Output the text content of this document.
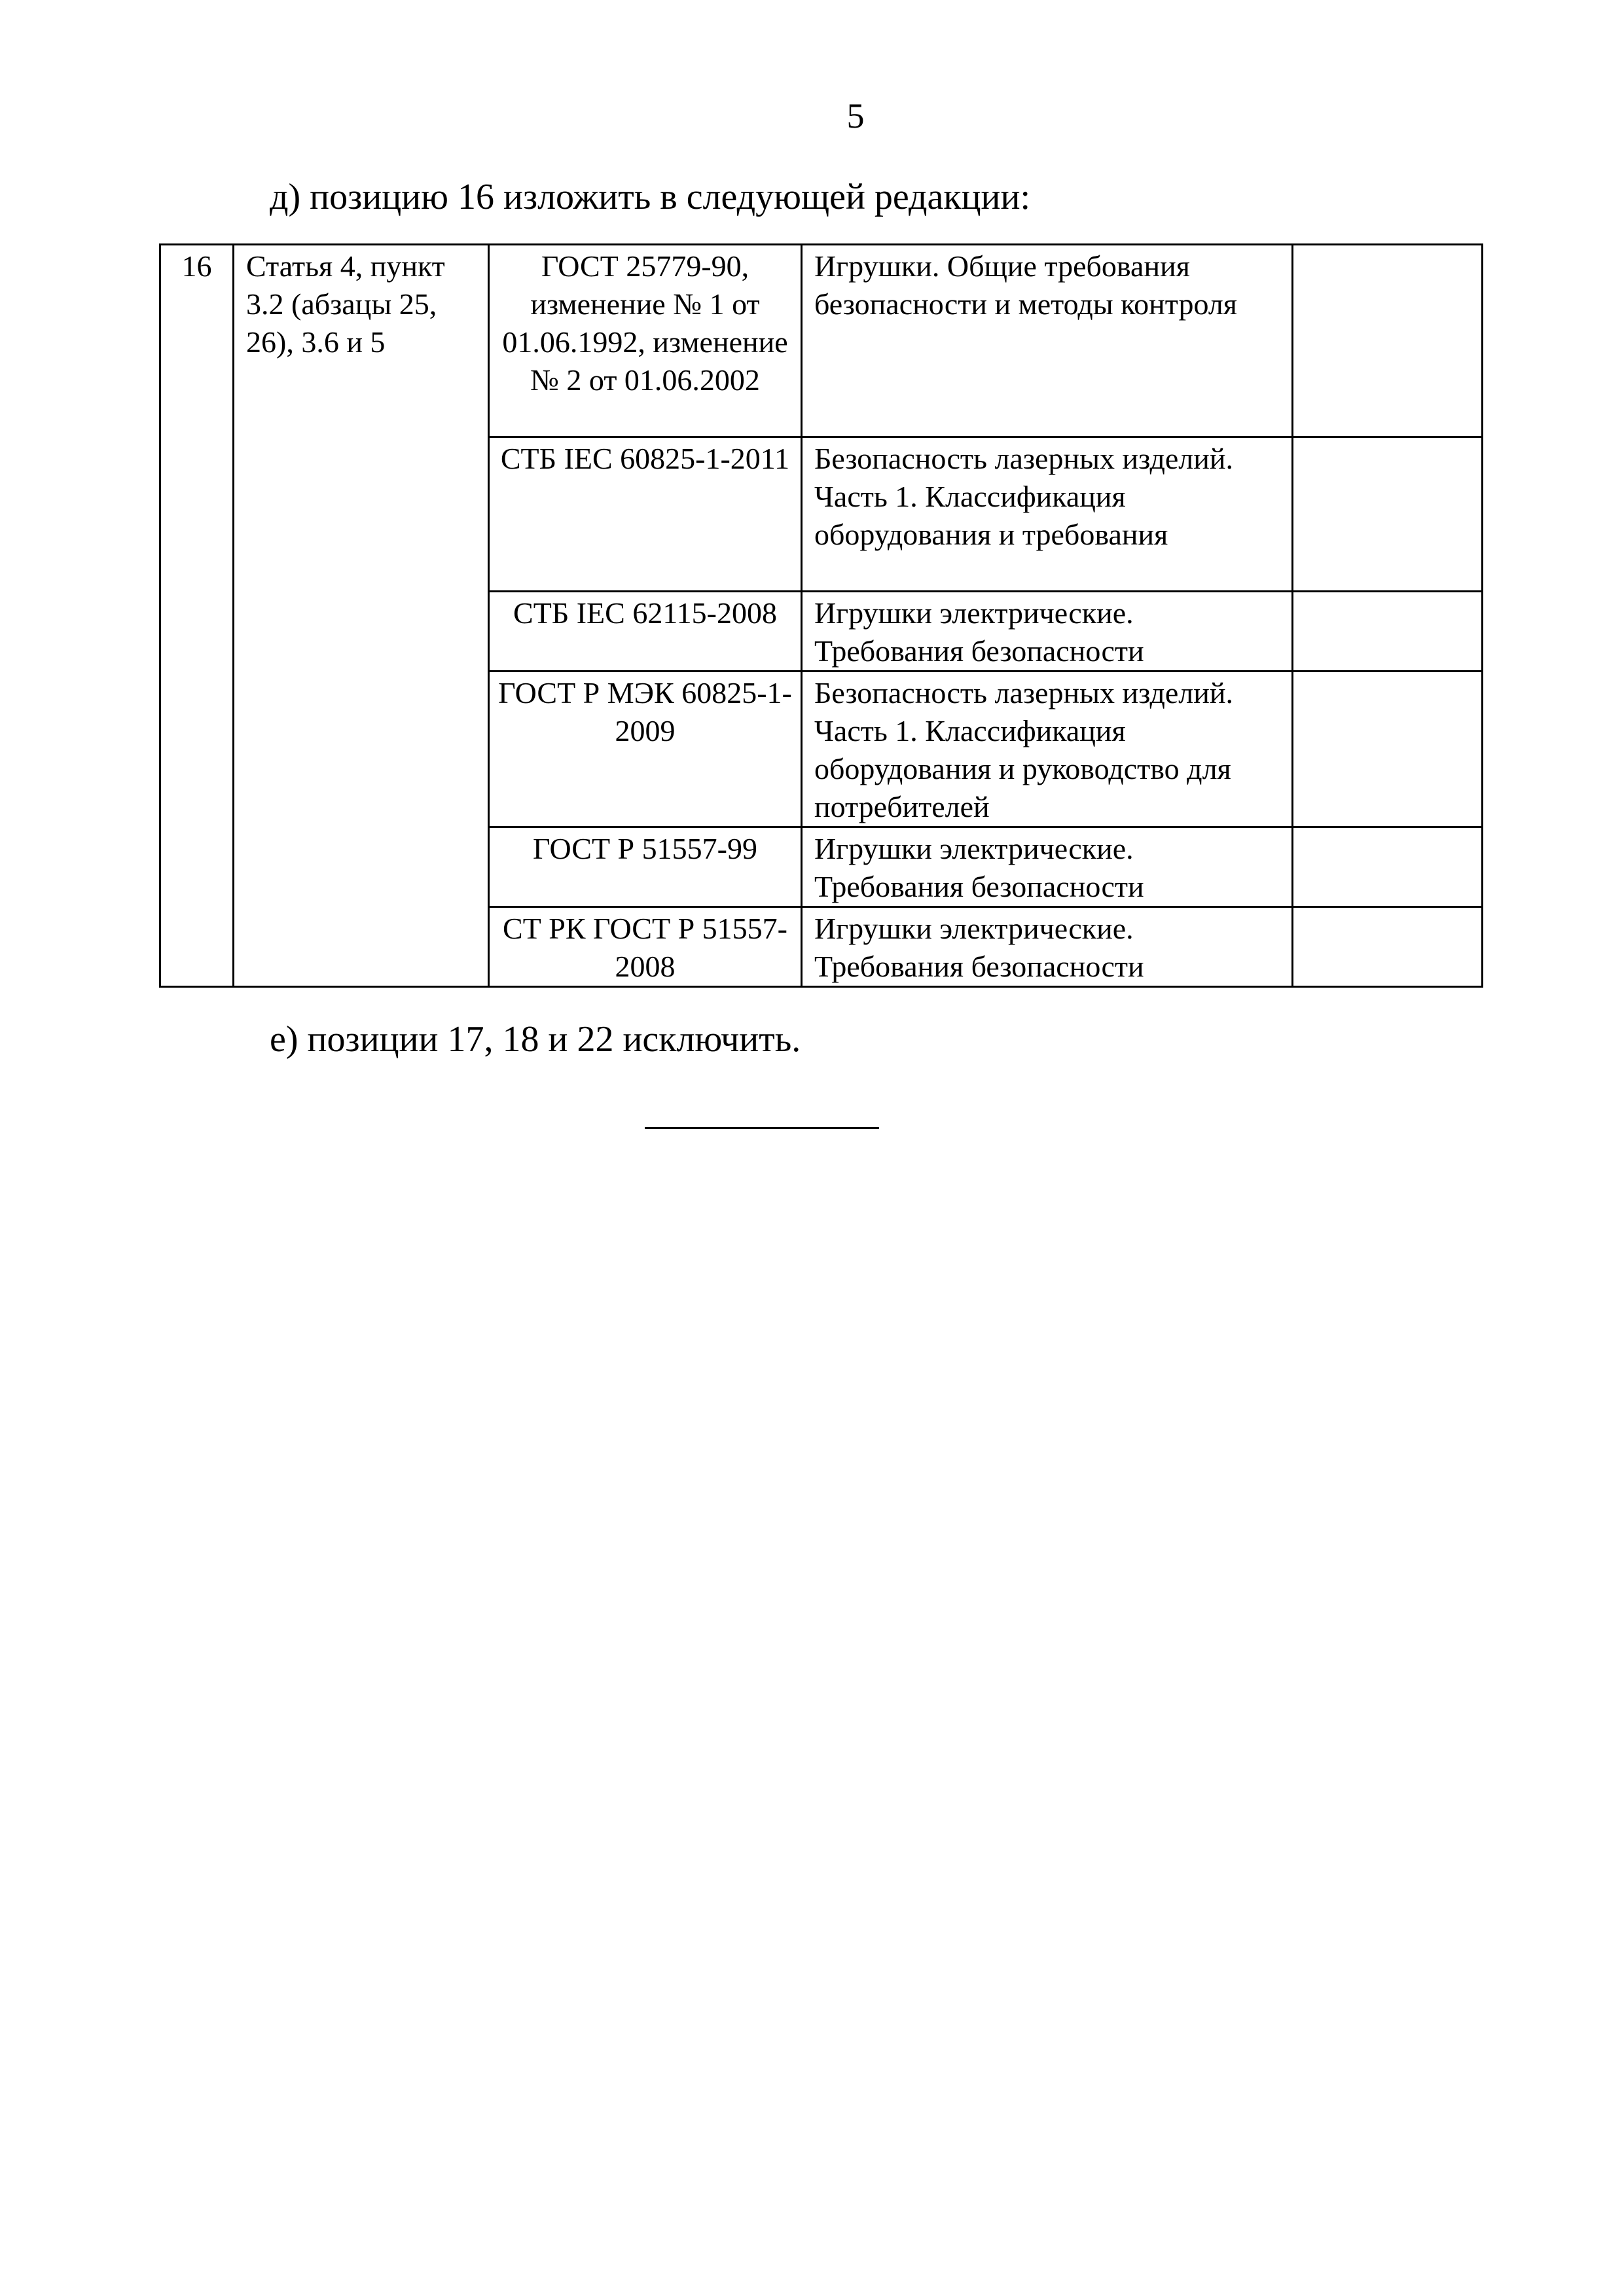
5
д) позицию 16 изложить в следующей редакции:
16	Статья 4, пункт 3.2 (абзацы 25, 26), 3.6 и 5	ГОСТ 25779-90, изменение № 1 от 01.06.1992, изменение № 2 от 01.06.2002	Игрушки. Общие требования безопасности и методы контроля	
		СТБ IEC 60825-1-2011	Безопасность лазерных изделий. Часть 1. Классификация оборудования и требования	
		СТБ IEC 62115-2008	Игрушки электрические. Требования безопасности	
		ГОСТ Р МЭК 60825-1-2009	Безопасность лазерных изделий. Часть 1. Классификация оборудования и руководство для потребителей	
		ГОСТ Р 51557-99	Игрушки электрические. Требования безопасности	
		СТ РК ГОСТ Р 51557-2008	Игрушки электрические. Требования безопасности	
е) позиции 17, 18 и 22 исключить.
